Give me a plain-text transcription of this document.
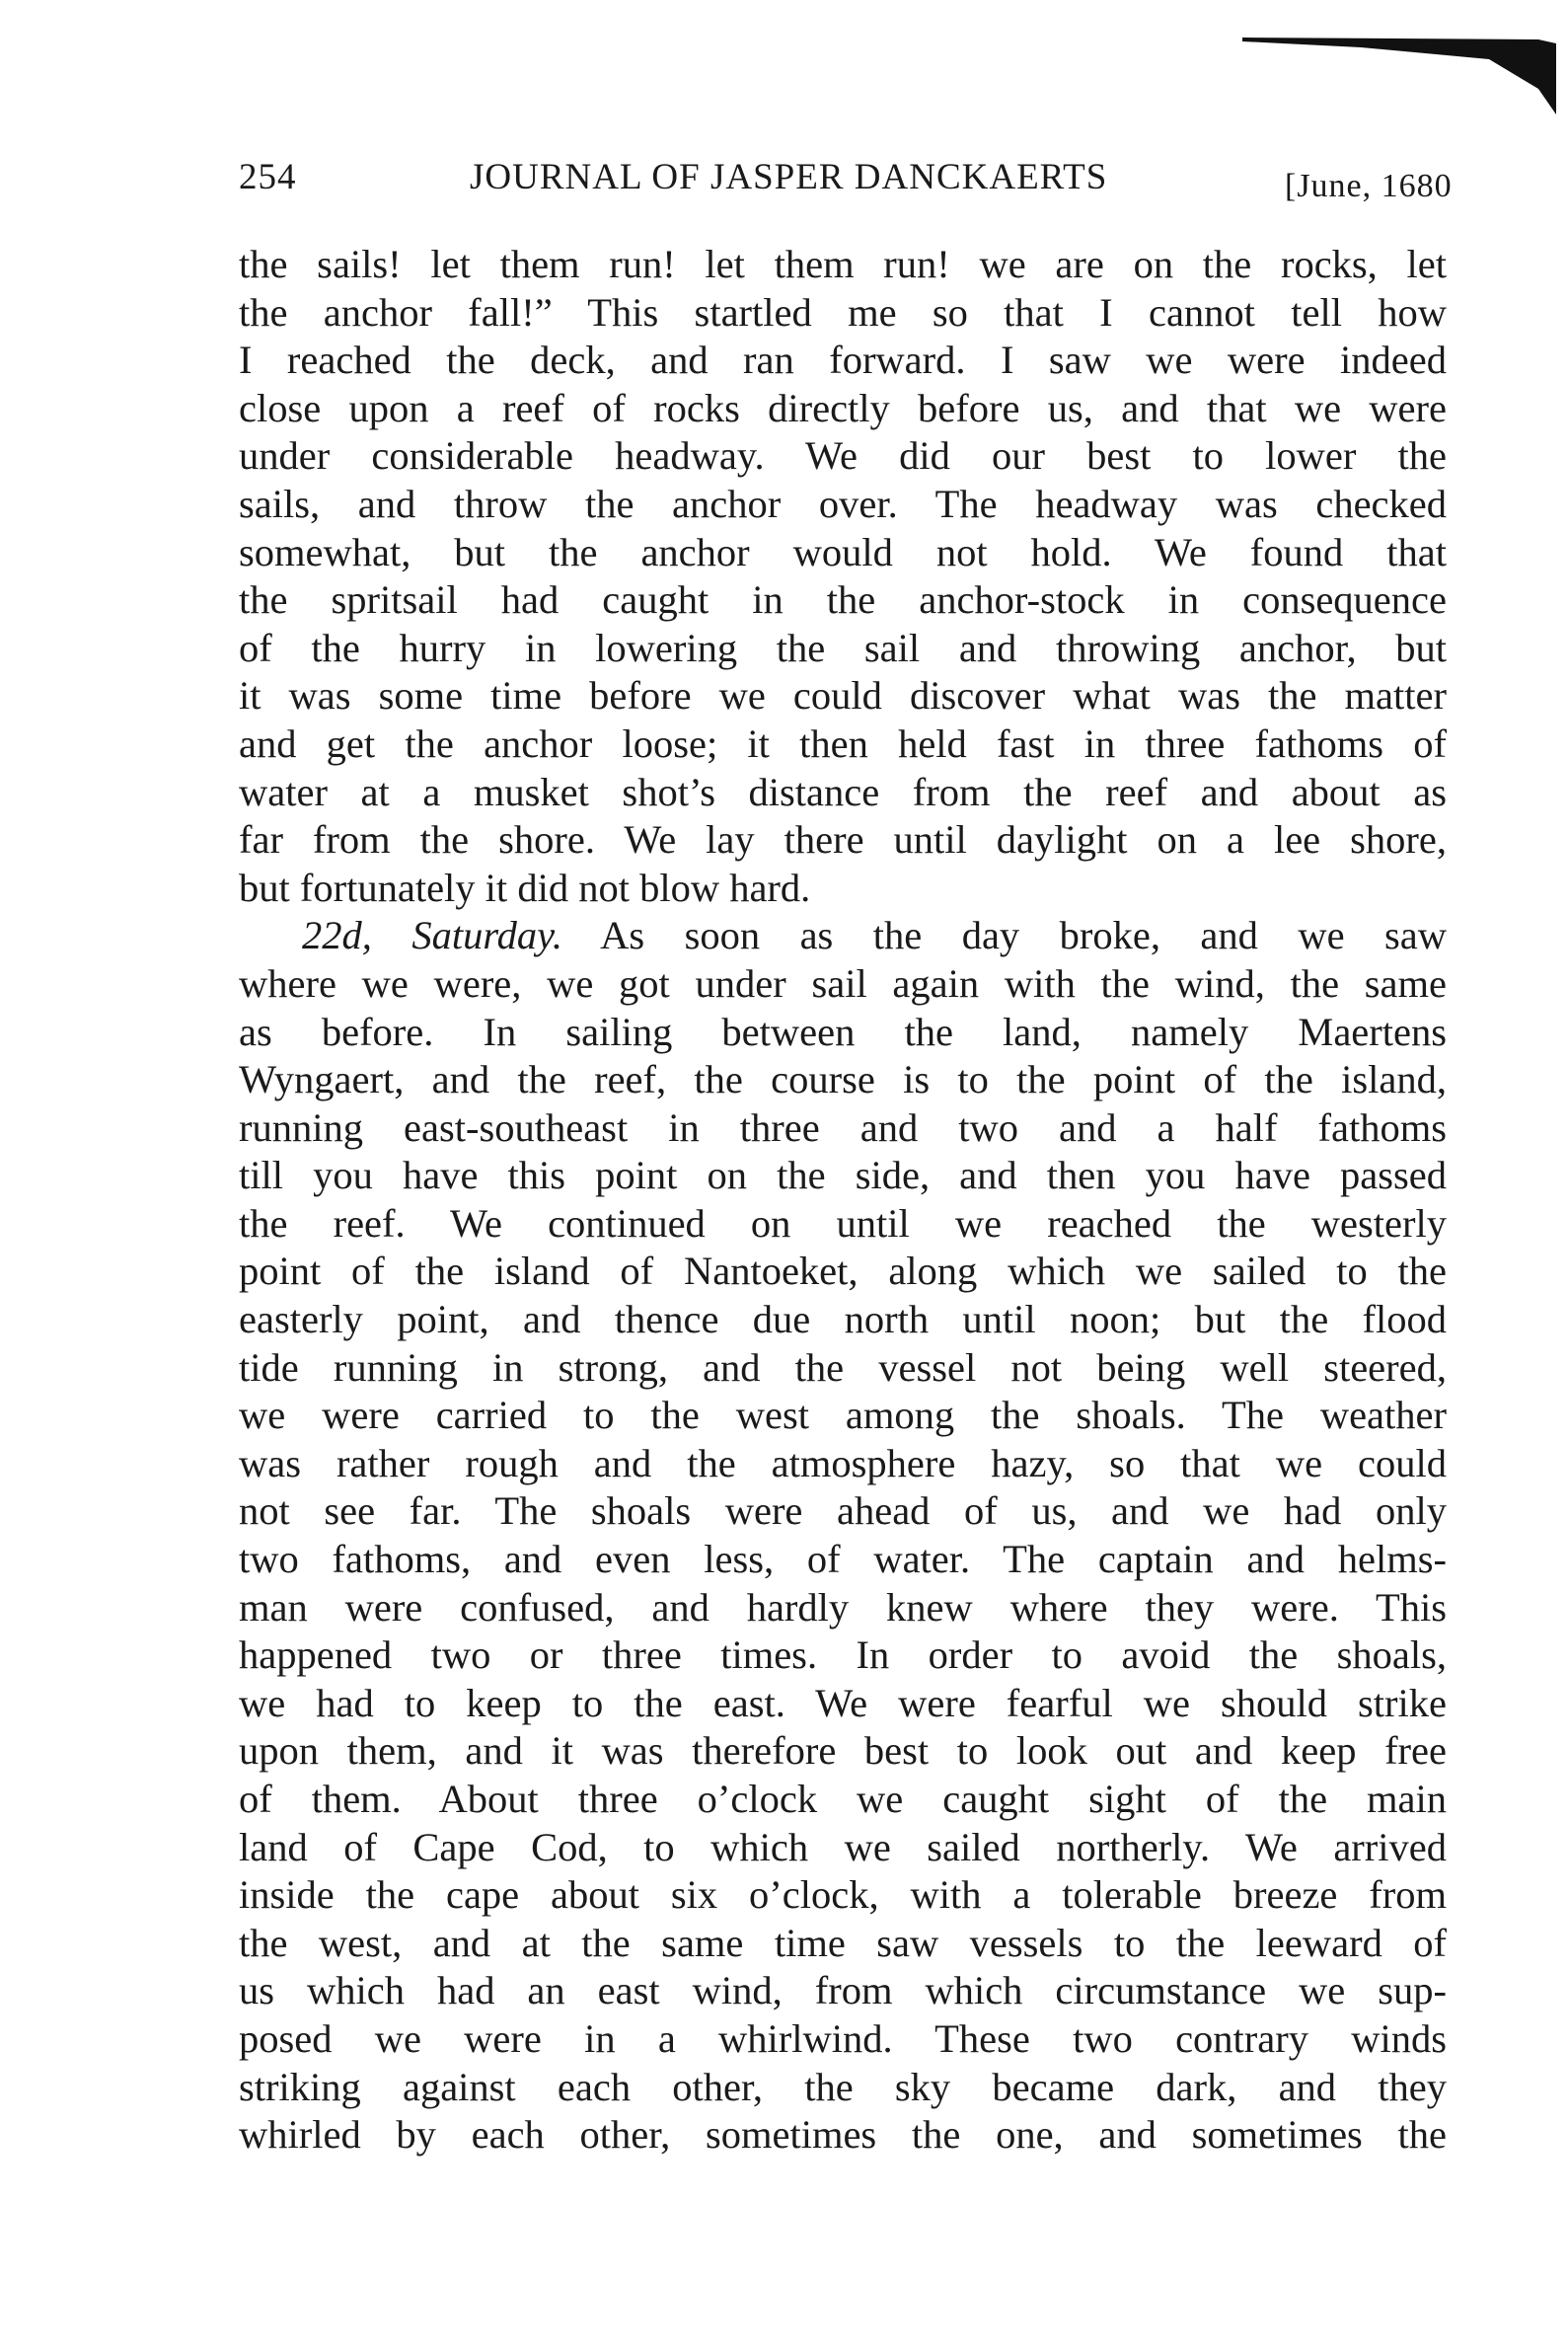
254	JOURNAL OF JASPER DANCKAERTS	[June, 1680
the sails! let them run! let them run! we are on the rocks, let
the anchor fall!” This startled me so that I cannot tell how
I reached the deck, and ran forward. I saw we were indeed
close upon a reef of rocks directly before us, and that we were
under considerable headway. We did our best to lower the
sails, and throw the anchor over. The headway was checked
somewhat, but the anchor would not hold. We found that
the spritsail had caught in the anchor-stock in consequence
of the hurry in lowering the sail and throwing anchor, but
it was some time before we could discover what was the matter
and get the anchor loose; it then held fast in three fathoms of
water at a musket shot’s distance from the reef and about as
far from the shore. We lay there until daylight on a lee shore,
but fortunately it did not blow hard.
22d, Saturday. As soon as the day broke, and we saw
where we were, we got under sail again with the wind, the same
as before. In sailing between the land, namely Maertens
Wyngaert, and the reef, the course is to the point of the island,
running east-southeast in three and two and a half fathoms
till you have this point on the side, and then you have passed
the reef. We continued on until we reached the westerly
point of the island of Nantoeket, along which we sailed to the
easterly point, and thence due north until noon; but the flood
tide running in strong, and the vessel not being well steered,
we were carried to the west among the shoals. The weather
was rather rough and the atmosphere hazy, so that we could
not see far. The shoals were ahead of us, and we had only
two fathoms, and even less, of water. The captain and helms-
man were confused, and hardly knew where they were. This
happened two or three times. In order to avoid the shoals,
we had to keep to the east. We were fearful we should strike
upon them, and it was therefore best to look out and keep free
of them. About three o’clock we caught sight of the main
land of Cape Cod, to which we sailed northerly. We arrived
inside the cape about six o’clock, with a tolerable breeze from
the west, and at the same time saw vessels to the leeward of
us which had an east wind, from which circumstance we sup-
posed we were in a whirlwind. These two contrary winds
striking against each other, the sky became dark, and they
whirled by each other, sometimes the one, and sometimes the
